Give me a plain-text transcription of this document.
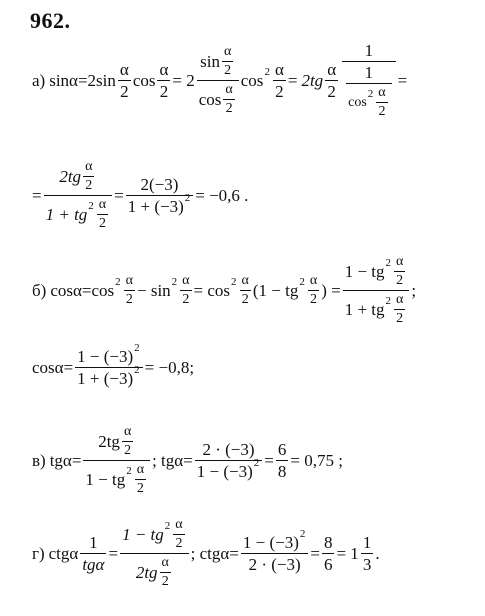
962.
а) $\sin\alpha=2\sin \frac{\alpha}{2}$ $\cos \frac{\alpha}{2} = 2 \frac{\sin \frac{\alpha}{2}}{\cos \frac{\alpha}{2}}$ $\cos 2 \frac{\alpha}{2} = 2tg \frac{\alpha}{2}$
1
1
cos
$2 \frac{\alpha}{2}$
=
= $\frac{2tg \frac{\alpha}{2}}{1 + tg 2 \frac{\alpha}{2}} = \frac{2(-3)}{1 + (-3) 2} = -0,6$ .
б) cosα=cos $2 \frac{\alpha}{2} - \sin 2 \frac{\alpha}{2} = \cos 2 \frac{\alpha}{2} (1$ − tg $2 \frac{\alpha}{2}$ ) = $\frac{1 - tg 2 \frac{\alpha}{2}}{1 + tg 2 \frac{\alpha}{2}}$ ;
$\cos\alpha= \frac{1 - (-3) 2}{1 + (-3) 2} = -0,8$;
в) $tg\alpha= \frac{2tg \frac{\alpha}{2}}{1 - tg 2 \frac{\alpha}{2}}$ ; $tg\alpha= \frac{2 \cdot (-3)}{1 - (-3) 2} = \frac{6}{8} = 0,75$ ;
г) ctgα $\frac{1}{\text{tgα}} = \frac{1 - tg 2 \frac{\alpha}{2}}{2tg \frac{\alpha}{2}}$ ; $ctg\alpha= \frac{1 - (-3) 2}{2 \cdot (-3)} = \frac{8}{6} = 1 \frac{1}{3}$ .
